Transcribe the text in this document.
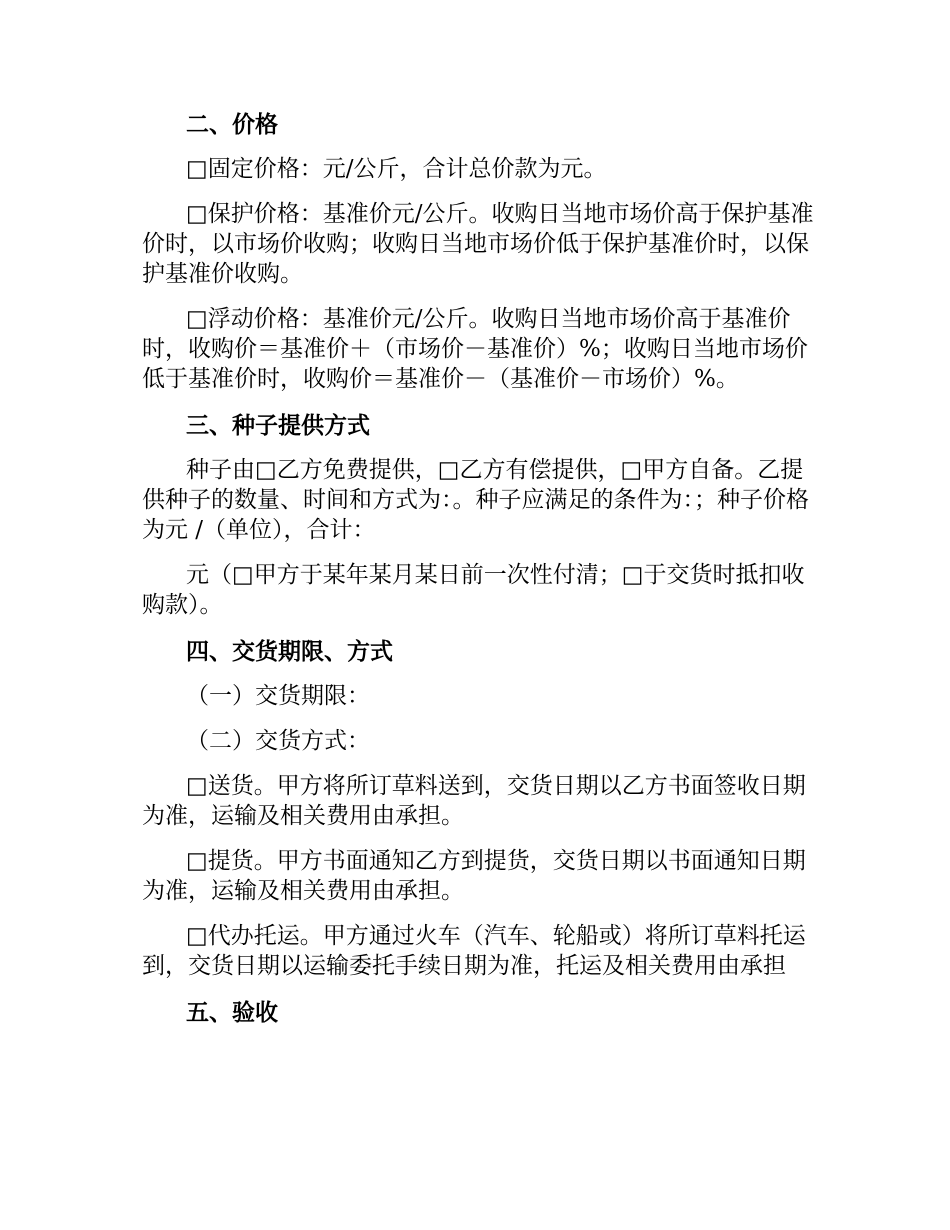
二、价格

□固定价格：元/公斤，合计总价款为元。

□保护价格：基准价元/公斤。收购日当地市场价高于保护基准价时，以市场价收购；收购日当地市场价低于保护基准价时，以保护基准价收购。

□浮动价格：基准价元/公斤。收购日当地市场价高于基准价时，收购价＝基准价＋（市场价－基准价）%；收购日当地市场价低于基准价时，收购价＝基准价－（基准价－市场价）%。

三、种子提供方式

种子由□乙方免费提供，□乙方有偿提供，□甲方自备。乙提供种子的数量、时间和方式为：。种子应满足的条件为：；种子价格为元 /（单位），合计：

元（□甲方于某年某月某日前一次性付清；□于交货时抵扣收购款）。

四、交货期限、方式
（一）交货期限：
（二）交货方式：

□送货。甲方将所订草料送到，交货日期以乙方书面签收日期为准，运输及相关费用由承担。

□提货。甲方书面通知乙方到提货，交货日期以书面通知日期为准，运输及相关费用由承担。

□代办托运。甲方通过火车（汽车、轮船或）将所订草料托运到，交货日期以运输委托手续日期为准，托运及相关费用由承担

五、验收
